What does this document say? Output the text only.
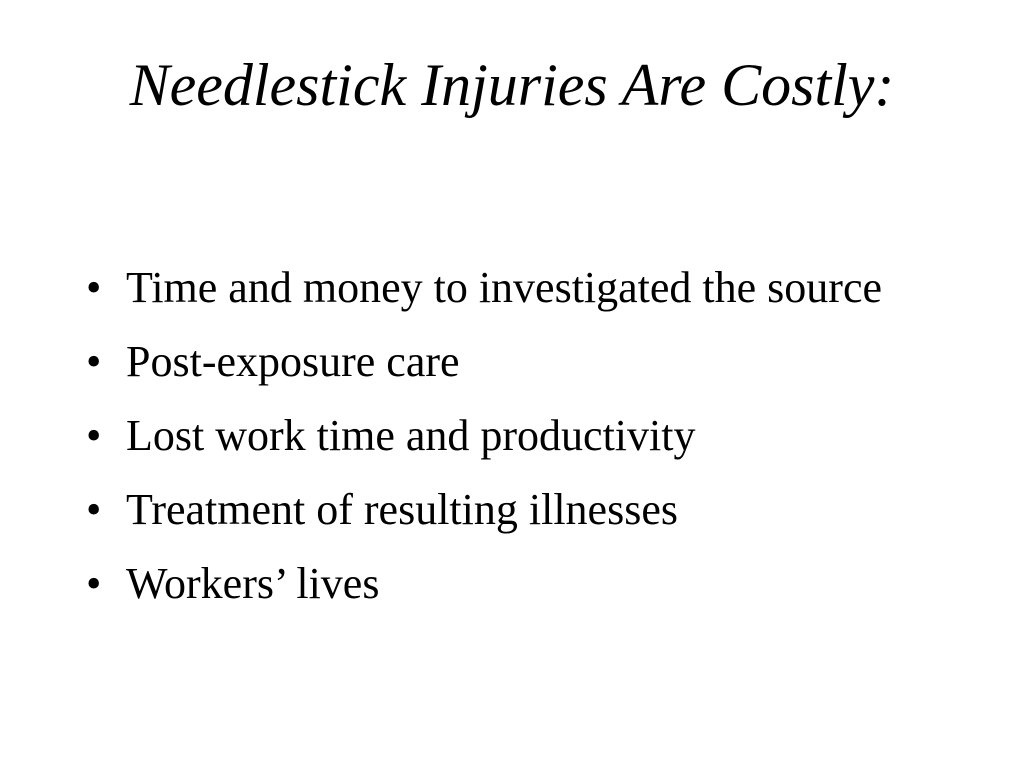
Needlestick Injuries Are Costly:
• Time and money to investigated the source
• Post-exposure care
• Lost work time and productivity
• Treatment of resulting illnesses
• Workers’ lives
